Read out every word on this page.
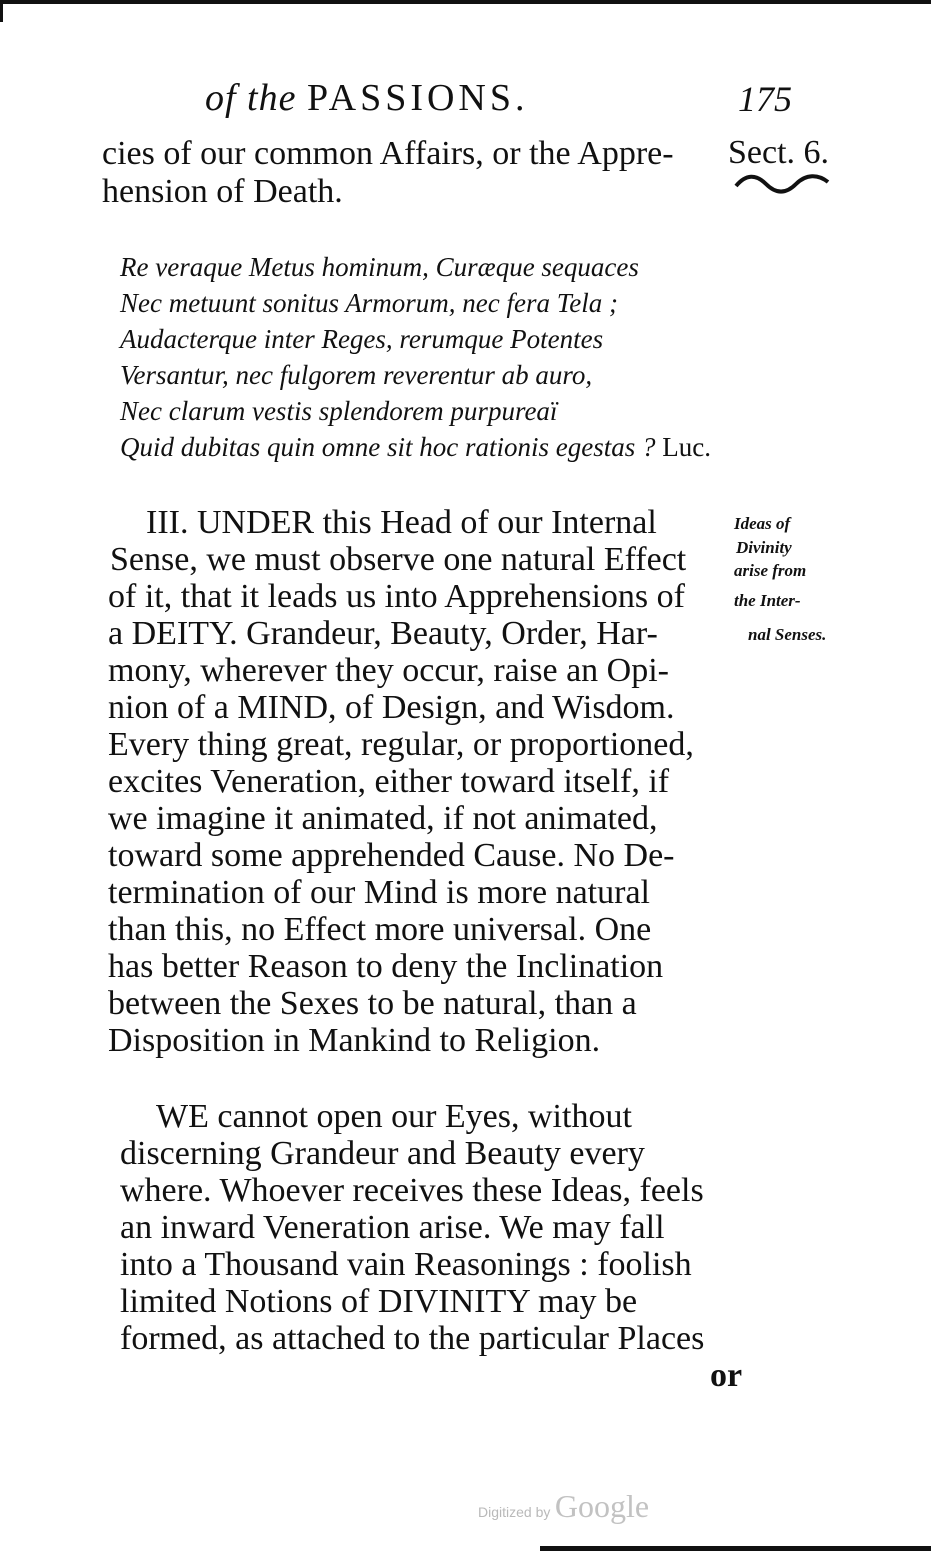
of the PASSIONS.	175
cies of our common Affairs, or the Appre-
hension of Death.
Sect. 6.
Re veraque Metus hominum, Curæque sequaces
Nec metuunt sonitus Armorum, nec fera Tela ;
Audacterque inter Reges, rerumque Potentes
Versantur, nec fulgorem reverentur ab auro,
Nec clarum vestis splendorem purpureaï
Quid dubitas quin omne sit hoc rationis egestas ? Luc.
Ideas of
Divinity
arise from
the Inter-
nal Senses.
III. UNDER this Head of our Internal
Sense, we must observe one natural Effect
of it, that it leads us into Apprehensions of
a DEITY. Grandeur, Beauty, Order, Har-
mony, wherever they occur, raise an Opi-
nion of a MIND, of Design, and Wisdom.
Every thing great, regular, or proportioned,
excites Veneration, either toward itself, if
we imagine it animated, if not animated,
toward some apprehended Cause. No De-
termination of our Mind is more natural
than this, no Effect more universal. One
has better Reason to deny the Inclination
between the Sexes to be natural, than a
Disposition in Mankind to Religion.
WE cannot open our Eyes, without
discerning Grandeur and Beauty every
where. Whoever receives these Ideas, feels
an inward Veneration arise. We may fall
into a Thousand vain Reasonings : foolish
limited Notions of DIVINITY may be
formed, as attached to the particular Places
or
Digitized by Google
